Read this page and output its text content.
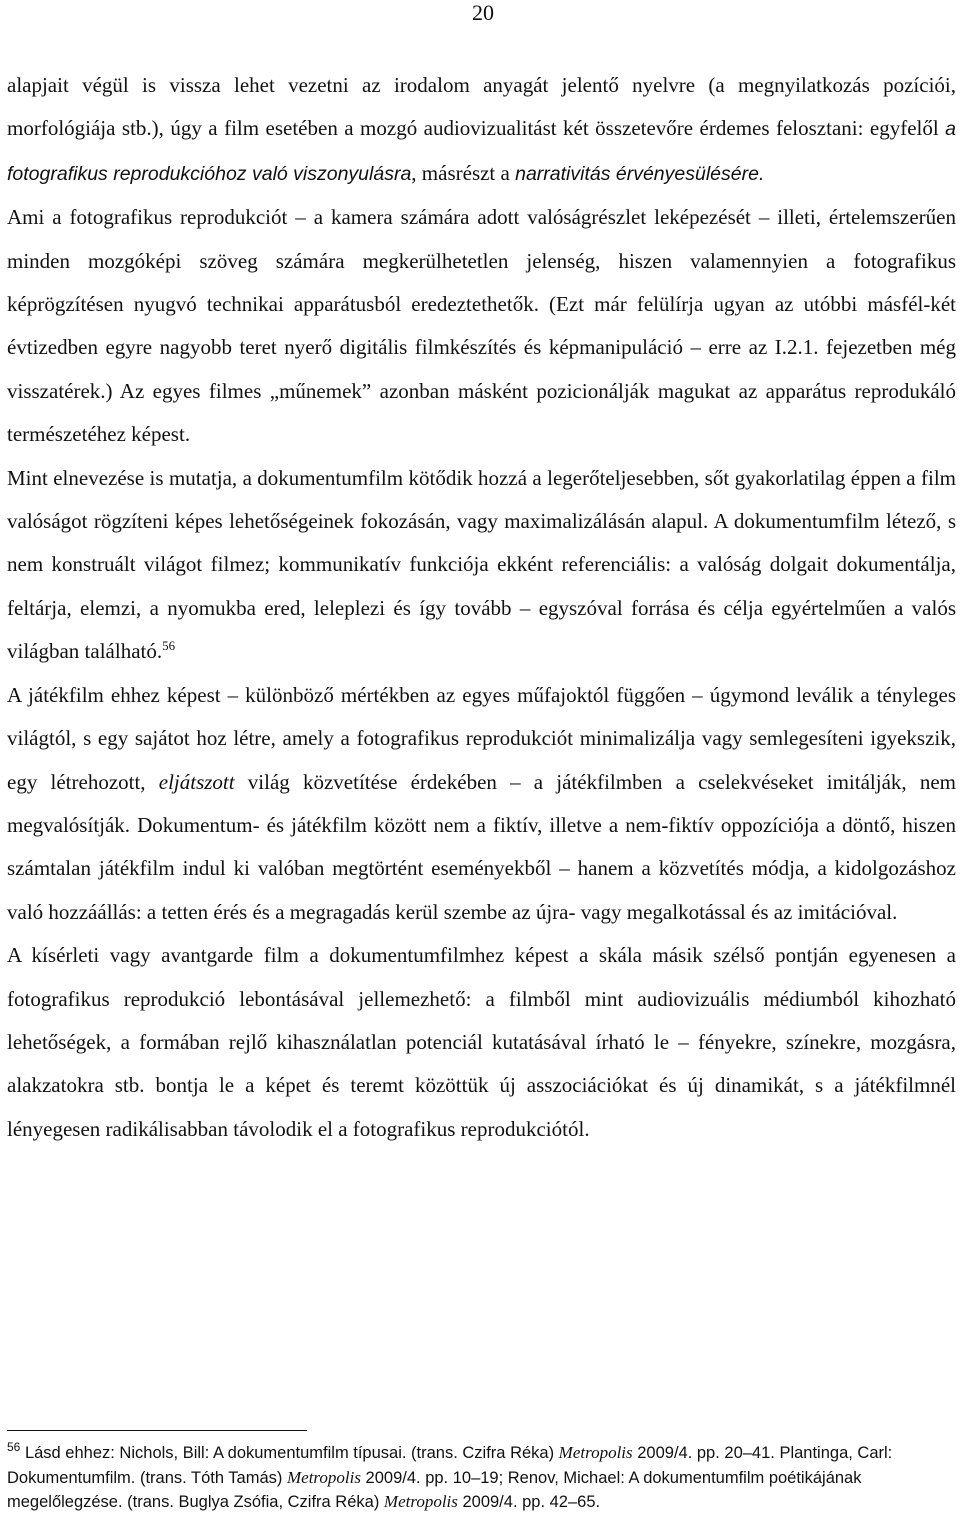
20

alapjait végül is vissza lehet vezetni az irodalom anyagát jelentő nyelvre (a megnyilatkozás pozíciói, morfológiája stb.), úgy a film esetében a mozgó audiovizualitást két összetevőre érdemes felosztani: egyfelől a fotografikus reprodukcióhoz való viszonyulásra, másrészt a narrativitás érvényesülésére.

Ami a fotografikus reprodukciót – a kamera számára adott valóságrészlet leképezését – illeti, értelemszerűen minden mozgóképi szöveg számára megkerülhetetlen jelenség, hiszen valamennyien a fotografikus képrögzítésen nyugvó technikai apparátusból eredeztethetők. (Ezt már felülírja ugyan az utóbbi másfél-két évtizedben egyre nagyobb teret nyerő digitális filmkészítés és képmanipuláció – erre az I.2.1. fejezetben még visszatérek.) Az egyes filmes „műnemek” azonban másként pozicionálják magukat az apparátus reprodukáló természetéhez képest.

Mint elnevezése is mutatja, a dokumentumfilm kötődik hozzá a legerőteljesebben, sőt gyakorlatilag éppen a film valóságot rögzíteni képes lehetőségeinek fokozásán, vagy maximalizálásán alapul. A dokumentumfilm létező, s nem konstruált világot filmez; kommunikatív funkciója ekként referenciális: a valóság dolgait dokumentálja, feltárja, elemzi, a nyomukba ered, leleplezi és így tovább – egyszóval forrása és célja egyértelműen a valós világban található.$^{56}$

A játékfilm ehhez képest – különböző mértékben az egyes műfajoktól függően – úgymond leválik a tényleges világtól, s egy sajátot hoz létre, amely a fotografikus reprodukciót minimalizálja vagy semlegesíteni igyekszik, egy létrehozott, eljátszott világ közvetítése érdekében – a játékfilmben a cselekvéseket imitálják, nem megvalósítják. Dokumentum- és játékfilm között nem a fiktív, illetve a nem-fiktív oppozíciója a döntő, hiszen számtalan játékfilm indul ki valóban megtörtént eseményekből – hanem a közvetítés módja, a kidolgozáshoz való hozzáállás: a tetten érés és a megragadás kerül szembe az újra- vagy megalkotással és az imitációval.

A kísérleti vagy avantgarde film a dokumentumfilmhez képest a skála másik szélső pontján egyenesen a fotografikus reprodukció lebontásával jellemezhető: a filmből mint audiovizuális médiumból kihozható lehetőségek, a formában rejlő kihasználatlan potenciál kutatásával írható le – fényekre, színekre, mozgásra, alakzatokra stb. bontja le a képet és teremt közöttük új asszociációkat és új dinamikát, s a játékfilmnél lényegesen radikálisabban távolodik el a fotografikus reprodukciótól.

$^{56}$ Lásd ehhez: Nichols, Bill: A dokumentumfilm típusai. (trans. Czifra Réka) Metropolis 2009/4. pp. 20–41. Plantinga, Carl: Dokumentumfilm. (trans. Tóth Tamás) Metropolis 2009/4. pp. 10–19; Renov, Michael: A dokumentumfilm poétikájának megelőlegzése. (trans. Buglya Zsófia, Czifra Réka) Metropolis 2009/4. pp. 42–65.
